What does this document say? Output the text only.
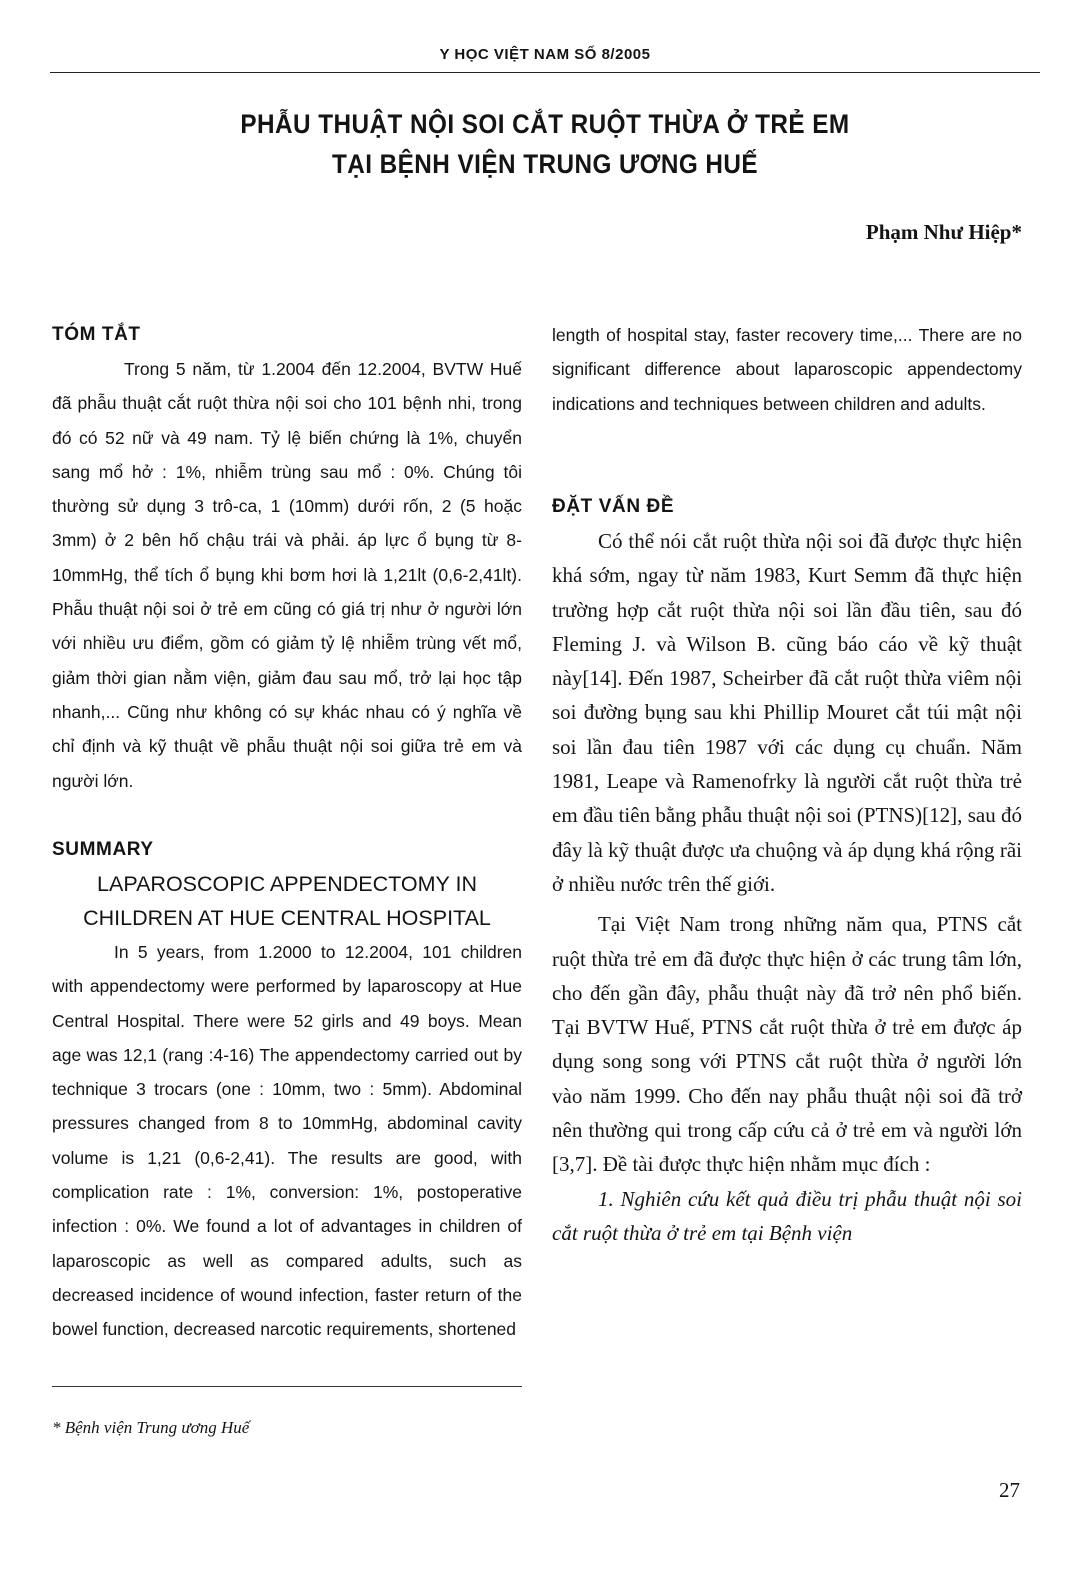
Y HỌC VIỆT NAM SỐ 8/2005
PHẪU THUẬT NỘI SOI CẮT RUỘT THỪA Ở TRẺ EM
TẠI BỆNH VIỆN TRUNG ƯƠNG HUẾ
Phạm Như Hiệp*
TÓM TẮT

Trong 5 năm, từ 1.2004 đến 12.2004, BVTW Huế đã phẫu thuật cắt ruột thừa nội soi cho 101 bệnh nhi, trong đó có 52 nữ và 49 nam. Tỷ lệ biến chứng là 1%, chuyển sang mổ hở : 1%, nhiễm trùng sau mổ : 0%. Chúng tôi thường sử dụng 3 trô-ca, 1 (10mm) dưới rốn, 2 (5 hoặc 3mm) ở 2 bên hố chậu trái và phải. áp lực ổ bụng từ 8-10mmHg, thể tích ổ bụng khi bơm hơi là 1,21lt (0,6-2,41lt). Phẫu thuật nội soi ở trẻ em cũng có giá trị như ở người lớn với nhiều ưu điểm, gồm có giảm tỷ lệ nhiễm trùng vết mổ, giảm thời gian nằm viện, giảm đau sau mổ, trở lại học tập nhanh,... Cũng như không có sự khác nhau có ý nghĩa về chỉ định và kỹ thuật về phẫu thuật nội soi giữa trẻ em và người lớn.

SUMMARY

LAPAROSCOPIC APPENDECTOMY IN

CHILDREN AT HUE CENTRAL HOSPITAL

In 5 years, from 1.2000 to 12.2004, 101 children with appendectomy were performed by laparoscopy at Hue Central Hospital. There were 52 girls and 49 boys. Mean age was 12,1 (rang :4-16) The appendectomy carried out by technique 3 trocars (one : 10mm, two : 5mm). Abdominal pressures changed from 8 to 10mmHg, abdominal cavity volume is 1,21 (0,6-2,41). The results are good, with complication rate : 1%, conversion: 1%, postoperative infection : 0%. We found a lot of advantages in children of laparoscopic as well as compared adults, such as decreased incidence of wound infection, faster return of the bowel function, decreased narcotic requirements, shortened

length of hospital stay, faster recovery time,... There are no significant difference about laparoscopic appendectomy indications and techniques between children and adults.

ĐẶT VẤN ĐỀ

Có thể nói cắt ruột thừa nội soi đã được thực hiện khá sớm, ngay từ năm 1983, Kurt Semm đã thực hiện trường hợp cắt ruột thừa nội soi lần đầu tiên, sau đó Fleming J. và Wilson B. cũng báo cáo về kỹ thuật này[14]. Đến 1987, Scheirber đã cắt ruột thừa viêm nội soi đường bụng sau khi Phillip Mouret cắt túi mật nội soi lần đau tiên 1987 với các dụng cụ chuẩn. Năm 1981, Leape và Ramenofrky là người cắt ruột thừa trẻ em đầu tiên bằng phẫu thuật nội soi (PTNS)[12], sau đó đây là kỹ thuật được ưa chuộng và áp dụng khá rộng rãi ở nhiều nước trên thế giới.

Tại Việt Nam trong những năm qua, PTNS cắt ruột thừa trẻ em đã được thực hiện ở các trung tâm lớn, cho đến gần đây, phẫu thuật này đã trở nên phổ biến. Tại BVTW Huế, PTNS cắt ruột thừa ở trẻ em được áp dụng song song với PTNS cắt ruột thừa ở người lớn vào năm 1999. Cho đến nay phẫu thuật nội soi đã trở nên thường qui trong cấp cứu cả ở trẻ em và người lớn [3,7]. Đề tài được thực hiện nhằm mục đích :

1. Nghiên cứu kết quả điều trị phẫu thuật nội soi cắt ruột thừa ở trẻ em tại Bệnh viện

* Bệnh viện Trung ương Huế
27
